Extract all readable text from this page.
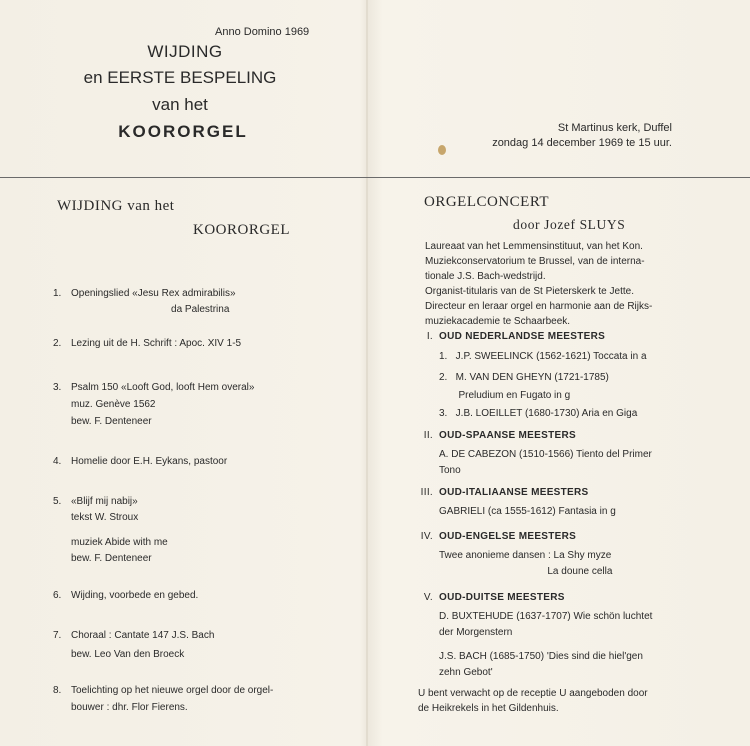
Anno Domino 1969
WIJDING
en EERSTE BESPELING
van het
KOORORGEL	St Martinus kerk, Duffel
zondag 14 december 1969 te 15 uur.
WIJDING van het
KOORORGEL
1. Openingslied «Jesu Rex admirabilis»
da Palestrina
2. Lezing uit de H. Schrift : Apoc. XIV 1-5
3. Psalm 150 «Looft God, looft Hem overal»
muz. Genève 1562
bew. F. Denteneer
4. Homelie door E.H. Eykans, pastoor
5. «Blijf mij nabij»
tekst W. Stroux

muziek Abide with me
bew. F. Denteneer
6. Wijding, voorbede en gebed.
7. Choraal : Cantate 147 J.S. Bach
bew. Leo Van den Broeck
8. Toelichting op het nieuwe orgel door de orgel-
bouwer : dhr. Flor Fierens.
ORGELCONCERT
door Jozef SLUYS
Laureaat van het Lemmensinstituut, van het Kon.
Muziekconservatorium te Brussel, van de interna-
tionale J.S. Bach-wedstrijd.
Organist-titularis van de St Pieterskerk te Jette.
Directeur en leraar orgel en harmonie aan de Rijks-
muziekacademie te Schaarbeek.
I. OUD NEDERLANDSE MEESTERS
1.   J.P. SWEELINCK (1562-1621) Toccata in a
2.   M. VAN DEN GHEYN (1721-1785)
Preludium en Fugato in g
3.   J.B. LOEILLET (1680-1730) Aria en Giga
II. OUD-SPAANSE MEESTERS
A. DE CABEZON (1510-1566) Tiento del Primer
Tono
III. OUD-ITALIAANSE MEESTERS
GABRIELI (ca 1555-1612) Fantasia in g
IV. OUD-ENGELSE MEESTERS
Twee anonieme dansen : La Shy myze
La doune cella
V. OUD-DUITSE MEESTERS
D. BUXTEHUDE (1637-1707) Wie schön luchtet
der Morgenstern
J.S. BACH (1685-1750) 'Dies sind die hiel'gen
zehn Gebot'
U bent verwacht op de receptie U aangeboden door
de Heikrekels in het Gildenhuis.
